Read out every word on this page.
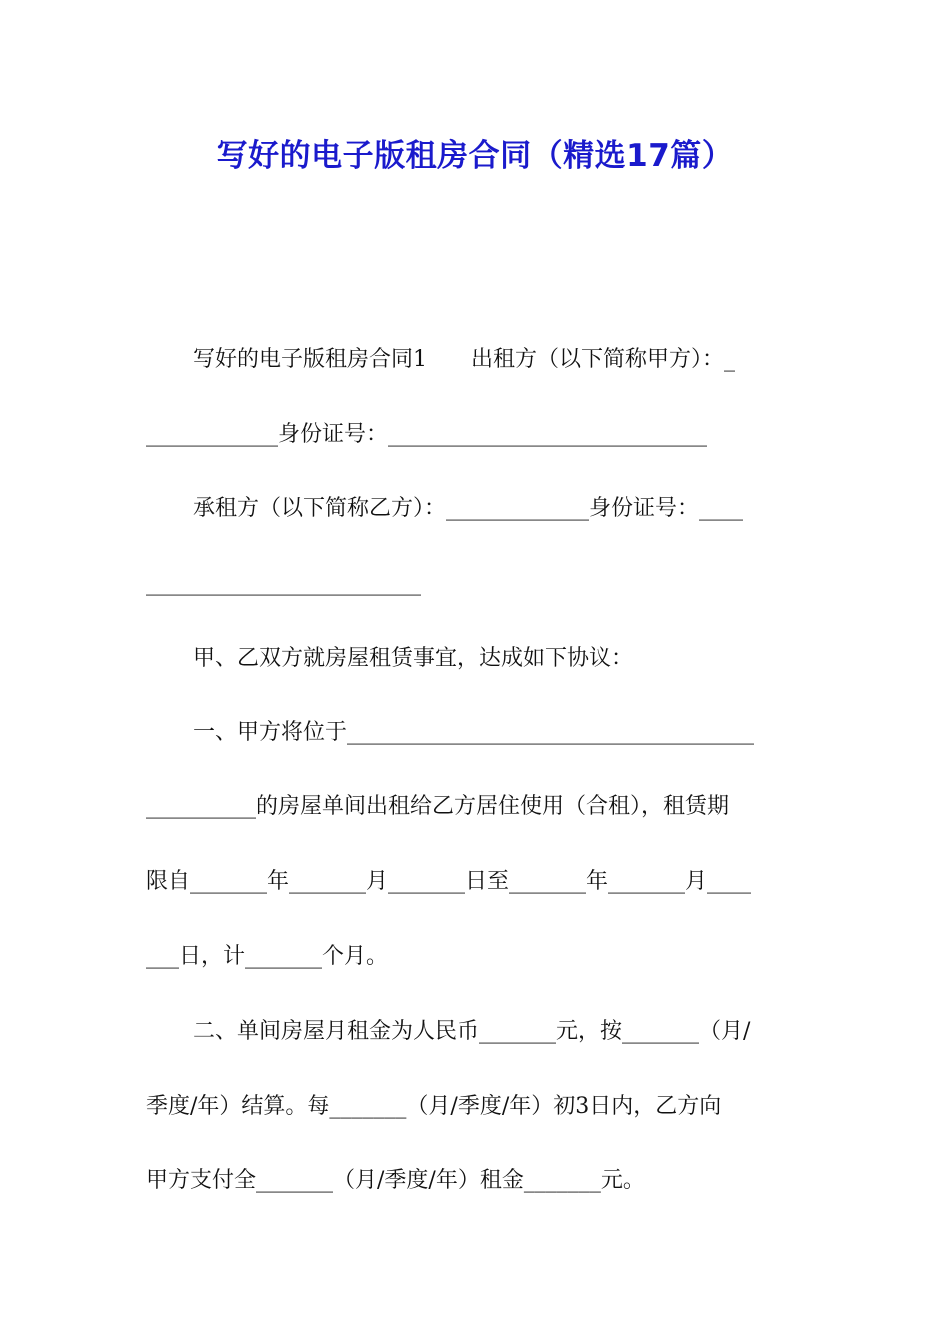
写好的电子版租房合同（精选17篇）
写好的电子版租房合同1　　出租方（以下简称甲方）：_
____________身份证号：_____________________________
承租方（以下简称乙方）：_____________身份证号：____
_________________________
甲、乙双方就房屋租赁事宜，达成如下协议：
一、甲方将位于_____________________________________
__________的房屋单间出租给乙方居住使用（合租），租赁期
限自_______年_______月_______日至_______年_______月____
___日，计_______个月。
二、单间房屋月租金为人民币_______元，按_______（月/
季度/年）结算。每_______（月/季度/年）初3日内，乙方向
甲方支付全_______（月/季度/年）租金_______元。
